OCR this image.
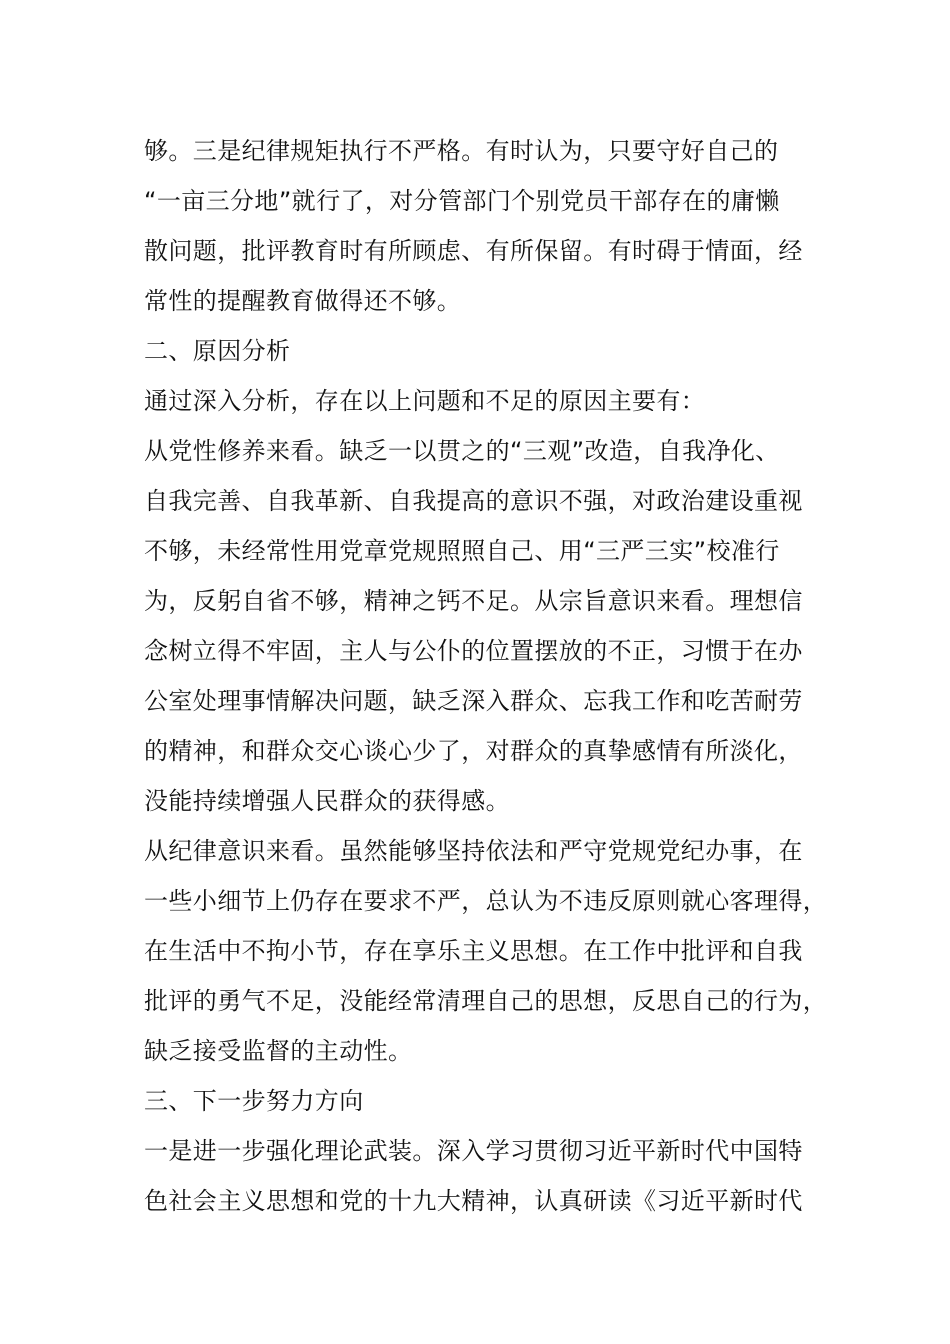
够。三是纪律规矩执行不严格。有时认为，只要守好自己的
“一亩三分地”就行了，对分管部门个别党员干部存在的庸懒
散问题，批评教育时有所顾虑、有所保留。有时碍于情面，经
常性的提醒教育做得还不够。
二、原因分析
通过深入分析，存在以上问题和不足的原因主要有：
从党性修养来看。缺乏一以贯之的“三观”改造，自我净化、
自我完善、自我革新、自我提高的意识不强，对政治建设重视
不够，未经常性用党章党规照照自己、用“三严三实”校准行
为，反躬自省不够，精神之钙不足。从宗旨意识来看。理想信
念树立得不牢固，主人与公仆的位置摆放的不正，习惯于在办
公室处理事情解决问题，缺乏深入群众、忘我工作和吃苦耐劳
的精神，和群众交心谈心少了，对群众的真挚感情有所淡化，
没能持续增强人民群众的获得感。
从纪律意识来看。虽然能够坚持依法和严守党规党纪办事，在
一些小细节上仍存在要求不严，总认为不违反原则就心客理得，
在生活中不拘小节，存在享乐主义思想。在工作中批评和自我
批评的勇气不足，没能经常清理自己的思想，反思自己的行为，
缺乏接受监督的主动性。
三、下一步努力方向
一是进一步强化理论武装。深入学习贯彻习近平新时代中国特
色社会主义思想和党的十九大精神，认真研读《习近平新时代
